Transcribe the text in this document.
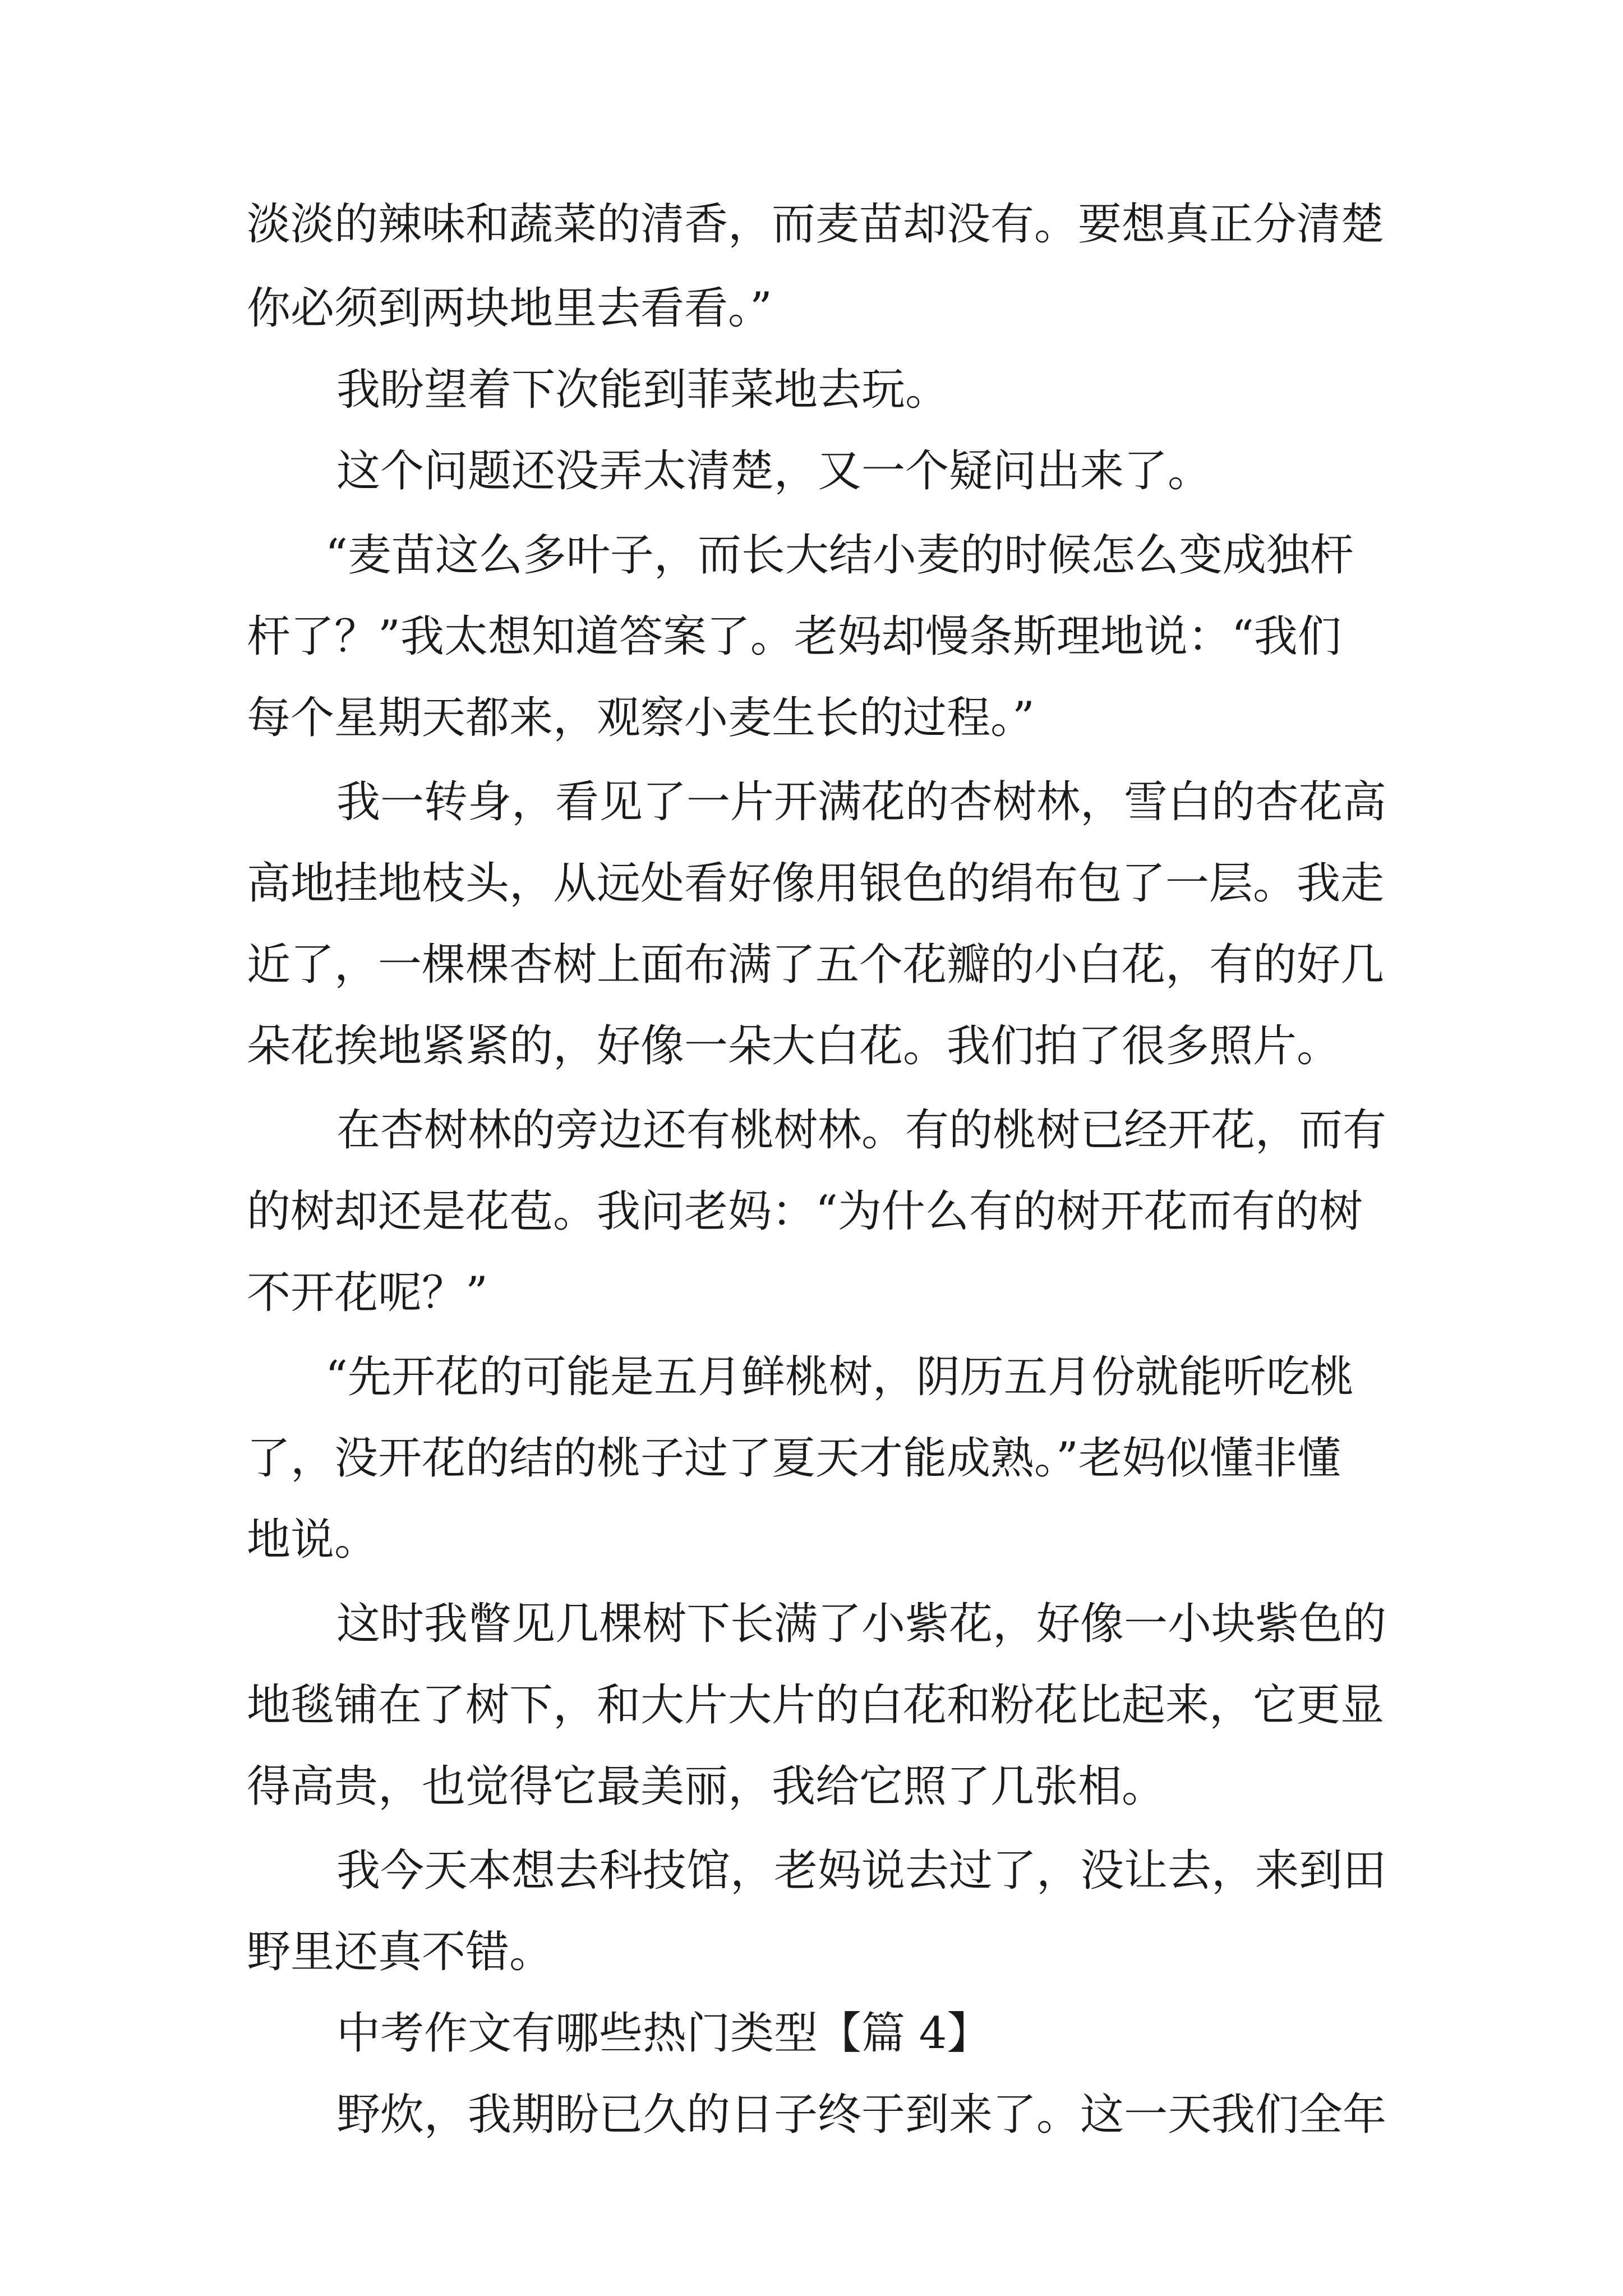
淡淡的辣味和蔬菜的清香，而麦苗却没有。要想真正分清楚
你必须到两块地里去看看。”
我盼望着下次能到菲菜地去玩。
这个问题还没弄太清楚，又一个疑问出来了。
“麦苗这么多叶子，而长大结小麦的时候怎么变成独杆
杆了？”我太想知道答案了。老妈却慢条斯理地说：“我们
每个星期天都来，观察小麦生长的过程。”
我一转身，看见了一片开满花的杏树林，雪白的杏花高
高地挂地枝头，从远处看好像用银色的绢布包了一层。我走
近了，一棵棵杏树上面布满了五个花瓣的小白花，有的好几
朵花挨地紧紧的，好像一朵大白花。我们拍了很多照片。
在杏树林的旁边还有桃树林。有的桃树已经开花，而有
的树却还是花苞。我问老妈：“为什么有的树开花而有的树
不开花呢？”
“先开花的可能是五月鲜桃树，阴历五月份就能听吃桃
了，没开花的结的桃子过了夏天才能成熟。”老妈似懂非懂
地说。
这时我瞥见几棵树下长满了小紫花，好像一小块紫色的
地毯铺在了树下，和大片大片的白花和粉花比起来，它更显
得高贵，也觉得它最美丽，我给它照了几张相。
我今天本想去科技馆，老妈说去过了，没让去，来到田
野里还真不错。
中考作文有哪些热门类型【篇 4】
野炊，我期盼已久的日子终于到来了。这一天我们全年
